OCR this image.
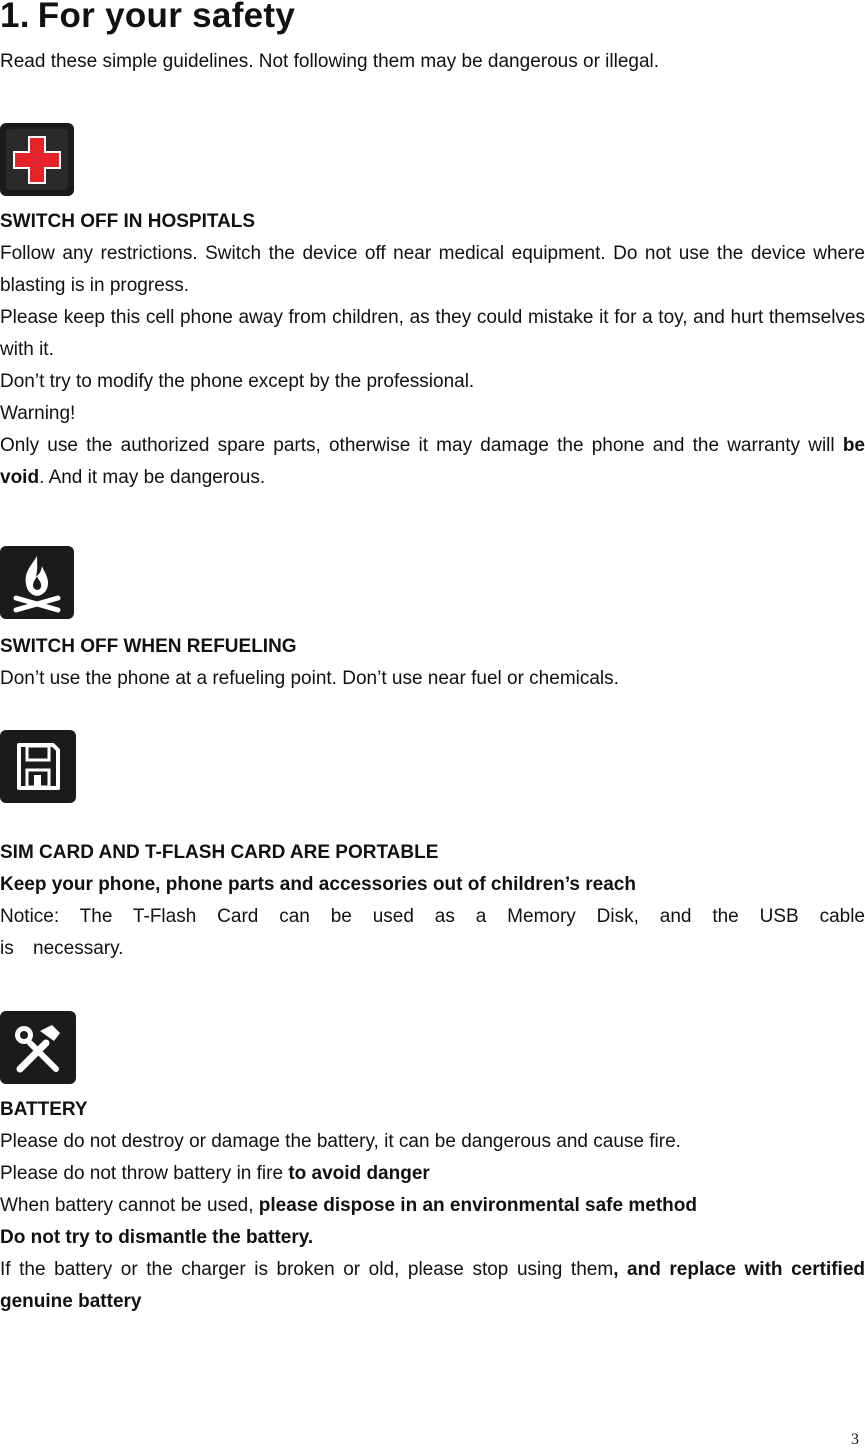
1. For your safety

Read these simple guidelines. Not following them may be dangerous or illegal.

SWITCH OFF IN HOSPITALS

Follow any restrictions. Switch the device off near medical equipment. Do not use the device where blasting is in progress.

Please keep this cell phone away from children, as they could mistake it for a toy, and hurt themselves with it.

Don’t try to modify the phone except by the professional.

Warning!

Only use the authorized spare parts, otherwise it may damage the phone and the warranty will be void. And it may be dangerous.

SWITCH OFF WHEN REFUELING

Don’t use the phone at a refueling point. Don’t use near fuel or chemicals.

SIM CARD AND T-FLASH CARD ARE PORTABLE

Keep your phone, phone parts and accessories out of children’s reach

Notice: The T-Flash Card can be used as a Memory Disk, and the USB cable is necessary.

BATTERY

Please do not destroy or damage the battery, it can be dangerous and cause fire.

Please do not throw battery in fire to avoid danger

When battery cannot be used, please dispose in an environmental safe method

Do not try to dismantle the battery.

If the battery or the charger is broken or old, please stop using them, and replace with certified genuine battery

3
